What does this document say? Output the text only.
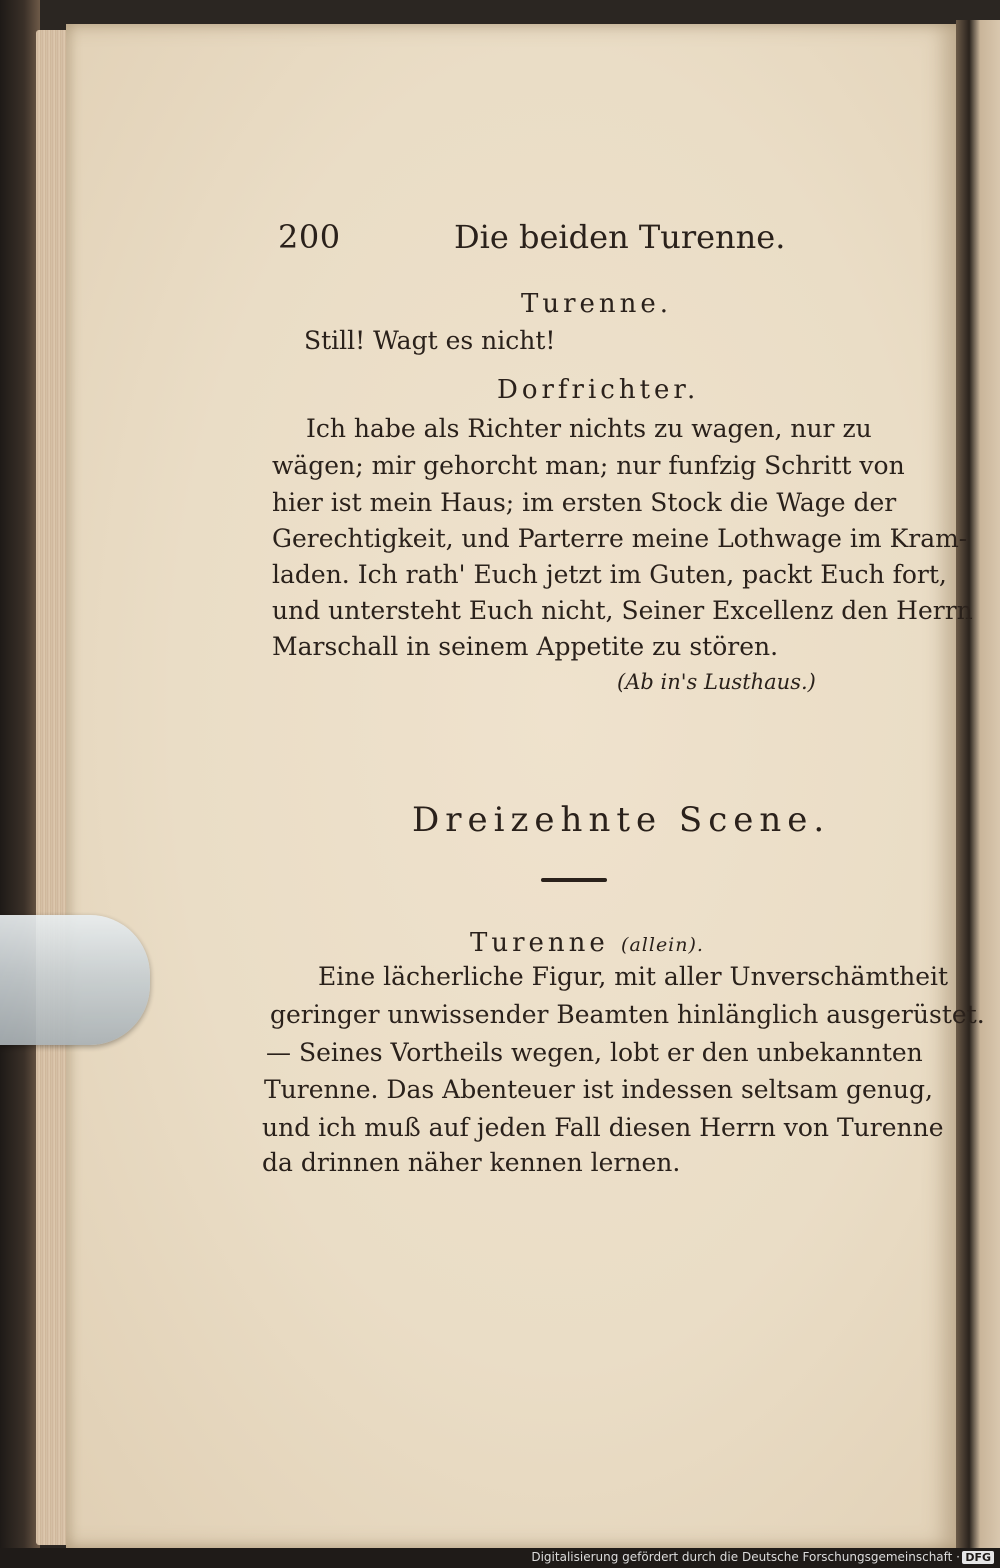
200	Die beiden Turenne.
Turenne.
Still! Wagt es nicht!
Dorfrichter.
Ich habe als Richter nichts zu wagen, nur zu
wägen; mir gehorcht man; nur funfzig Schritt von
hier ist mein Haus; im ersten Stock die Wage der
Gerechtigkeit, und Parterre meine Lothwage im Kram-
laden. Ich rath' Euch jetzt im Guten, packt Euch fort,
und untersteht Euch nicht, Seiner Excellenz den Herrn
Marschall in seinem Appetite zu stören.
(Ab in's Lusthaus.)
Dreizehnte Scene.
Turenne (allein).
Eine lächerliche Figur, mit aller Unverschämtheit
geringer unwissender Beamten hinlänglich ausgerüstet.
— Seines Vortheils wegen, lobt er den unbekannten
Turenne. Das Abenteuer ist indessen seltsam genug,
und ich muß auf jeden Fall diesen Herrn von Turenne
da drinnen näher kennen lernen.
Digitalisierung gefördert durch die Deutsche Forschungsgemeinschaft · DFG
